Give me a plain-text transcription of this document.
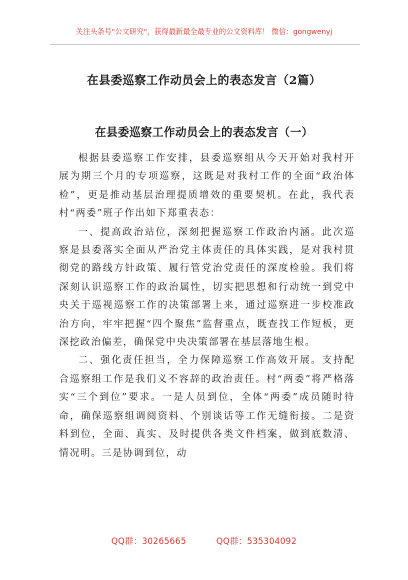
关注头条号"公文研究"，获得最新最全最专业的公文资料库！ 微信：gongwenyj
在县委巡察工作动员会上的表态发言（2篇）
在县委巡察工作动员会上的表态发言（一）

根据县委巡察工作安排，县委巡察组从今天开始对我村开展为期三个月的专项巡察，这既是对我村工作的全面“政治体检”，更是推动基层治理提质增效的重要契机。在此，我代表村“两委”班子作出如下郑重表态：

一、提高政治站位，深刻把握巡察工作政治内涵。此次巡察是县委落实全面从严治党主体责任的具体实践，是对我村贯彻党的路线方针政策、履行管党治党责任的深度检验。我们将深刻认识巡察工作的政治属性，切实把思想和行动统一到党中央关于巡视巡察工作的决策部署上来，通过巡察进一步校准政治方向，牢牢把握“四个聚焦”监督重点，既查找工作短板，更深挖政治偏差，确保党中央决策部署在基层落地生根。

二、强化责任担当，全力保障巡察工作高效开展。支持配合巡察组工作是我们义不容辞的政治责任。村“两委”将严格落实“三个到位”要求。一是人员到位，全体“两委”成员随时待命，确保巡察组调阅资料、个别谈话等工作无缝衔接。二是资料到位，全面、真实、及时提供各类文件档案，做到底数清、情况明。三是协调到位，动

QQ群：30265665	QQ群：535304092
